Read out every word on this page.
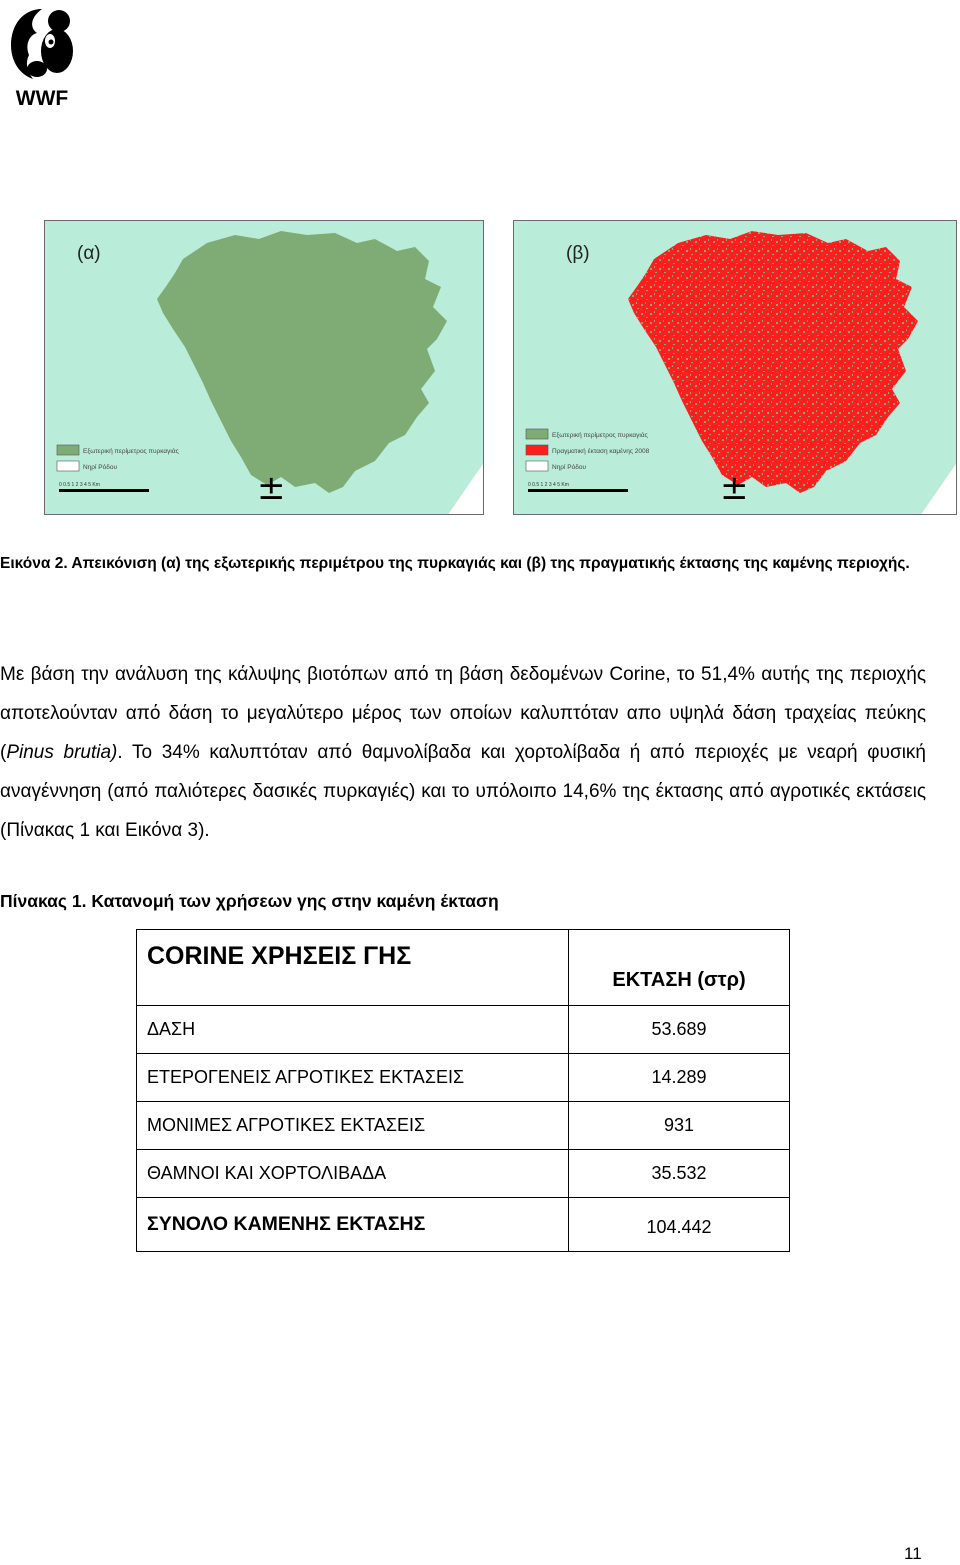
WWF
Εξωτερική περίμετρος πυρκαγιάς
Νηρί Ρόδου
0 0.5 1 2 3 4 5 Km
(α)
±
Εξωτερική περίμετρος πυρκαγιάς
Πραγματική έκταση καμένης 2008
Νηρί Ρόδου
0 0.5 1 2 3 4 5 Km
(β)
±
Εικόνα 2. Απεικόνιση (α) της εξωτερικής περιμέτρου της πυρκαγιάς και (β) της πραγματικής έκτασης της καμένης περιοχής.
Με βάση την ανάλυση της κάλυψης βιοτόπων από τη βάση δεδομένων Corine, το 51,4% αυτής της περιοχής αποτελούνταν από δάση το μεγαλύτερο μέρος των οποίων καλυπτόταν απο υψηλά δάση τραχείας πεύκης (Pinus brutia). Το 34% καλυπτόταν από θαμνολίβαδα και χορτολίβαδα ή από περιοχές με νεαρή φυσική αναγέννηση (από παλιότερες δασικές πυρκαγιές) και το υπόλοιπο 14,6% της έκτασης από αγροτικές εκτάσεις (Πίνακας 1 και Εικόνα 3).
Πίνακας 1. Κατανομή των χρήσεων γης στην καμένη έκταση
CORINE ΧΡΗΣΕΙΣ ΓΗΣ	ΕΚΤΑΣΗ (στρ)
ΔΑΣΗ	53.689
ΕΤΕΡΟΓΕΝΕΙΣ ΑΓΡΟΤΙΚΕΣ ΕΚΤΑΣΕΙΣ	14.289
ΜΟΝΙΜΕΣ ΑΓΡΟΤΙΚΕΣ ΕΚΤΑΣΕΙΣ	931
ΘΑΜΝΟΙ ΚΑΙ ΧΟΡΤΟΛΙΒΑΔΑ	35.532
ΣΥΝΟΛΟ ΚΑΜΕΝΗΣ ΕΚΤΑΣΗΣ	104.442
11
